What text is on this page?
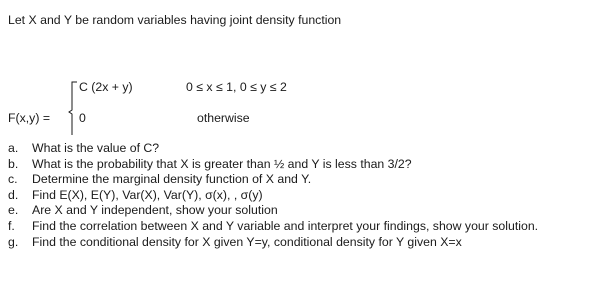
Let X and Y be random variables having joint density function
C (2x + y)	0 ≤ x ≤ 1, 0 ≤ y ≤ 2
F(x,y) = 0	otherwise
a.	What is the value of C?
b.	What is the probability that X is greater than ½ and Y is less than 3/2?
c.	Determine the marginal density function of X and Y.
d.	Find E(X), E(Y), Var(X), Var(Y), σ(x), , σ(y)
e.	Are X and Y independent, show your solution
f.	Find the correlation between X and Y variable and interpret your findings, show your solution.
g.	Find the conditional density for X given Y=y, conditional density for Y given X=x
